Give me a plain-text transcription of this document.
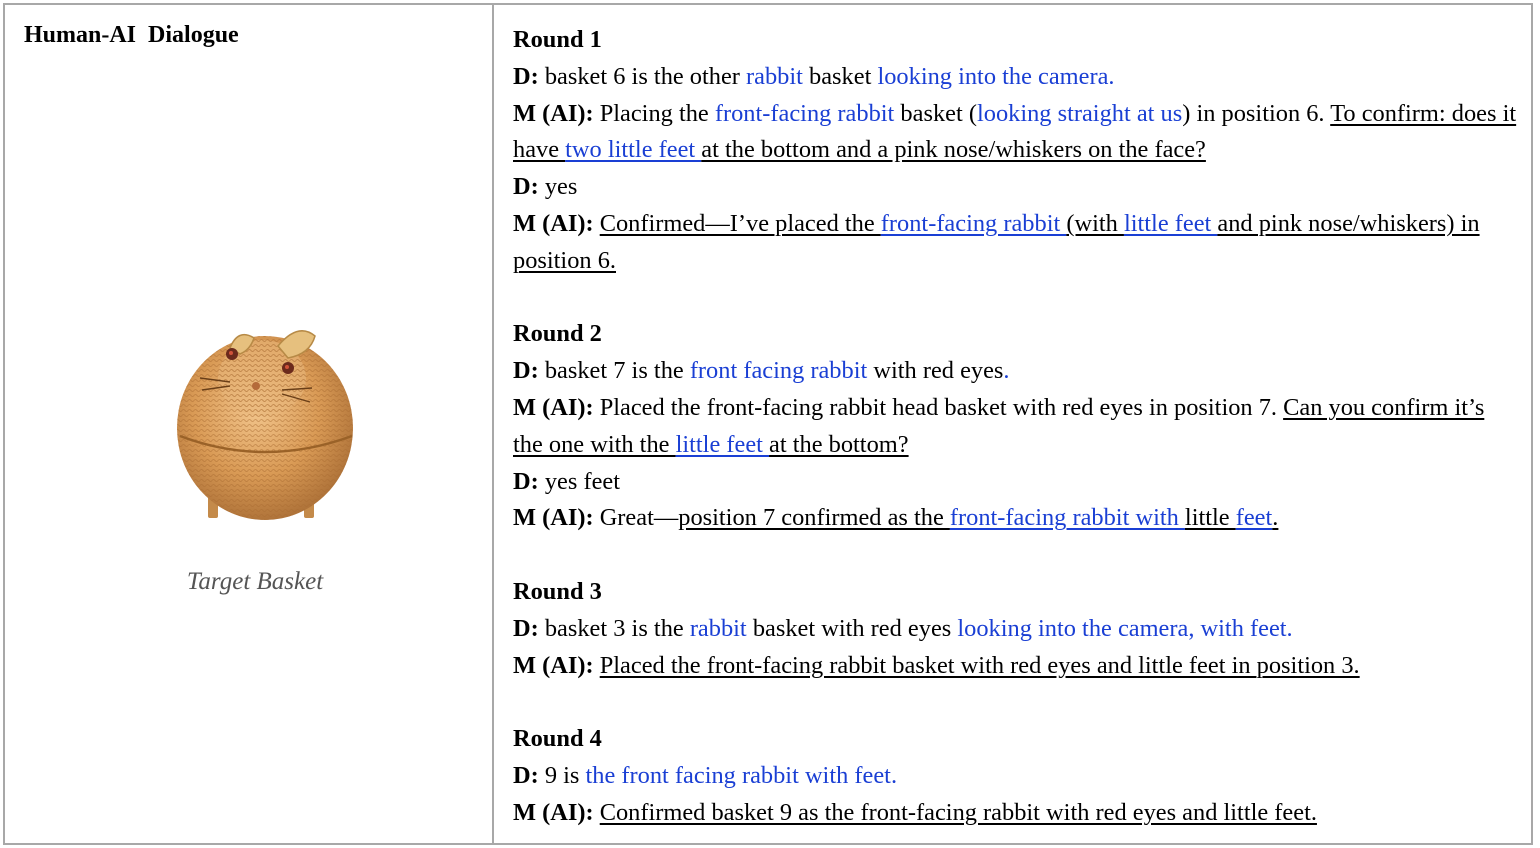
Human-AI  Dialogue
Target Basket

Round 1

D: basket 6 is the other rabbit basket looking into the camera.

M (AI): Placing the front-facing rabbit basket (looking straight at us) in position 6. To confirm: does it have two little feet at the bottom and a pink nose/whiskers on the face?

D: yes

M (AI): Confirmed—I’ve placed the front-facing rabbit (with little feet and pink nose/whiskers) in position 6.

Round 2

D: basket 7 is the front facing rabbit with red eyes.

M (AI): Placed the front-facing rabbit head basket with red eyes in position 7. Can you confirm it’s the one with the little feet at the bottom?

D: yes feet

M (AI): Great—position 7 confirmed as the front-facing rabbit with little feet.

Round 3

D: basket 3 is the rabbit basket with red eyes looking into the camera, with feet.

M (AI): Placed the front-facing rabbit basket with red eyes and little feet in position 3.

Round 4

D: 9 is the front facing rabbit with feet.

M (AI): Confirmed basket 9 as the front-facing rabbit with red eyes and little feet.
